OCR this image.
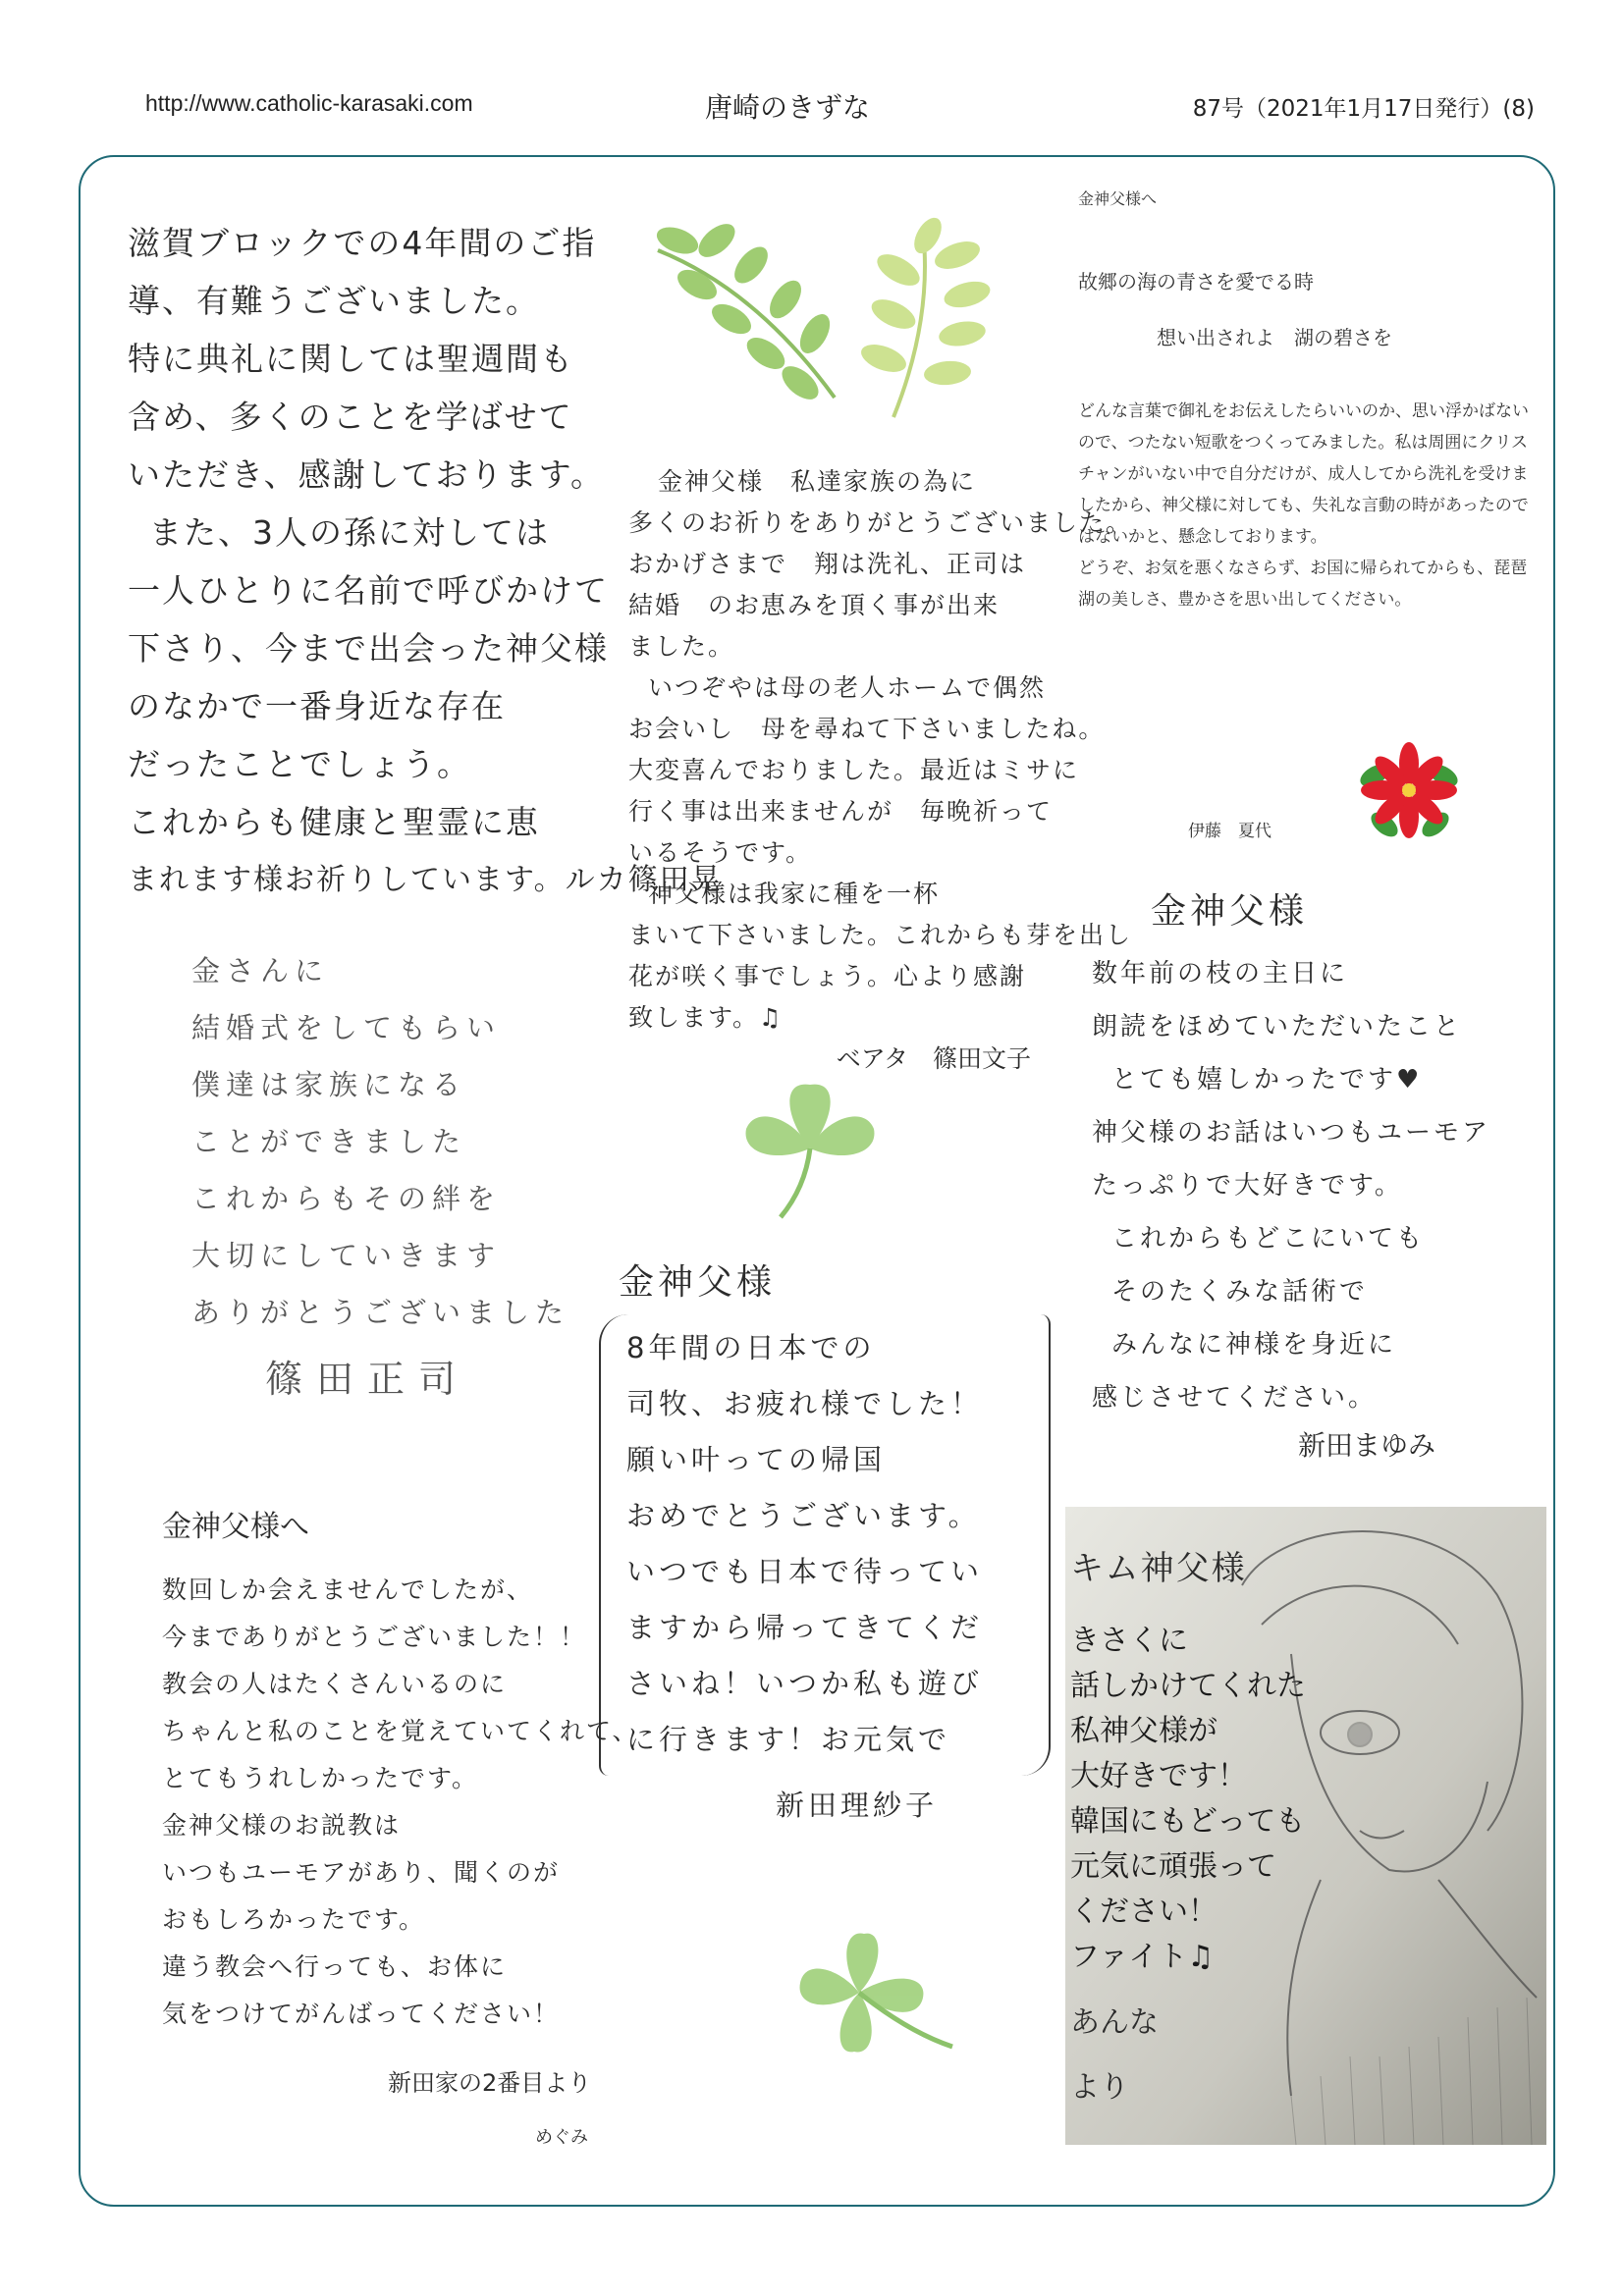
http://www.catholic-karasaki.com	唐崎のきずな	87号（2021年1月17日発行）(8)
滋賀ブロックでの4年間のご指
導、有難うございました。
特に典礼に関しては聖週間も
含め、多くのことを学ばせて
いただき、感謝しております。
また、3人の孫に対しては
一人ひとりに名前で呼びかけて
下さり、今まで出会った神父様
のなかで一番身近な存在
だったことでしょう。
これからも健康と聖霊に恵
まれます様お祈りしています。ルカ篠田晃
金神父様　私達家族の為に
多くのお祈りをありがとうございました。
おかげさまで　翔は洗礼、正司は
結婚　のお恵みを頂く事が出来
ました。
いつぞやは母の老人ホームで偶然
お会いし　母を尋ねて下さいましたね。
大変喜んでおりました。最近はミサに
行く事は出来ませんが　毎晩祈って
いるそうです。
神父様は我家に種を一杯
まいて下さいました。これからも芽を出し
花が咲く事でしょう。心より感謝
致します。♫
ベアタ　篠田文子
金神父様へ
故郷の海の青さを愛でる時
想い出されよ　湖の碧さを
どんな言葉で御礼をお伝えしたらいいのか、思い浮かばないので、つたない短歌をつくってみました。私は周囲にクリスチャンがいない中で自分だけが、成人してから洗礼を受けましたから、神父様に対しても、失礼な言動の時があったのではないかと、懸念しております。
どうぞ、お気を悪くなさらず、お国に帰られてからも、琵琶湖の美しさ、豊かさを思い出してください。
伊藤　夏代
金さんに
結婚式をしてもらい
僕達は家族になる
ことができました
これからもその絆を
大切にしていきます
ありがとうございました
篠田正司
金神父様
数年前の枝の主日に
朗読をほめていただいたこと
とても嬉しかったです♥
神父様のお話はいつもユーモア
たっぷりで大好きです。
これからもどこにいても
そのたくみな話術で
みんなに神様を身近に
感じさせてください。
新田まゆみ
金神父様
8年間の日本での
司牧、お疲れ様でした！
願い叶っての帰国
おめでとうございます。
いつでも日本で待ってい
ますから帰ってきてくだ
さいね！いつか私も遊び
に行きます！お元気で
新田理紗子
金神父様へ
数回しか会えませんでしたが、
今までありがとうございました！！
教会の人はたくさんいるのに
ちゃんと私のことを覚えていてくれて、
とてもうれしかったです。
金神父様のお説教は
いつもユーモアがあり、聞くのが
おもしろかったです。
違う教会へ行っても、お体に
気をつけてがんばってください！
新田家の2番目より
めぐみ
キム神父様
きさくに
話しかけてくれた
私神父様が
大好きです！
韓国にもどっても
元気に頑張って
ください！
ファイト♫
あんな
より
